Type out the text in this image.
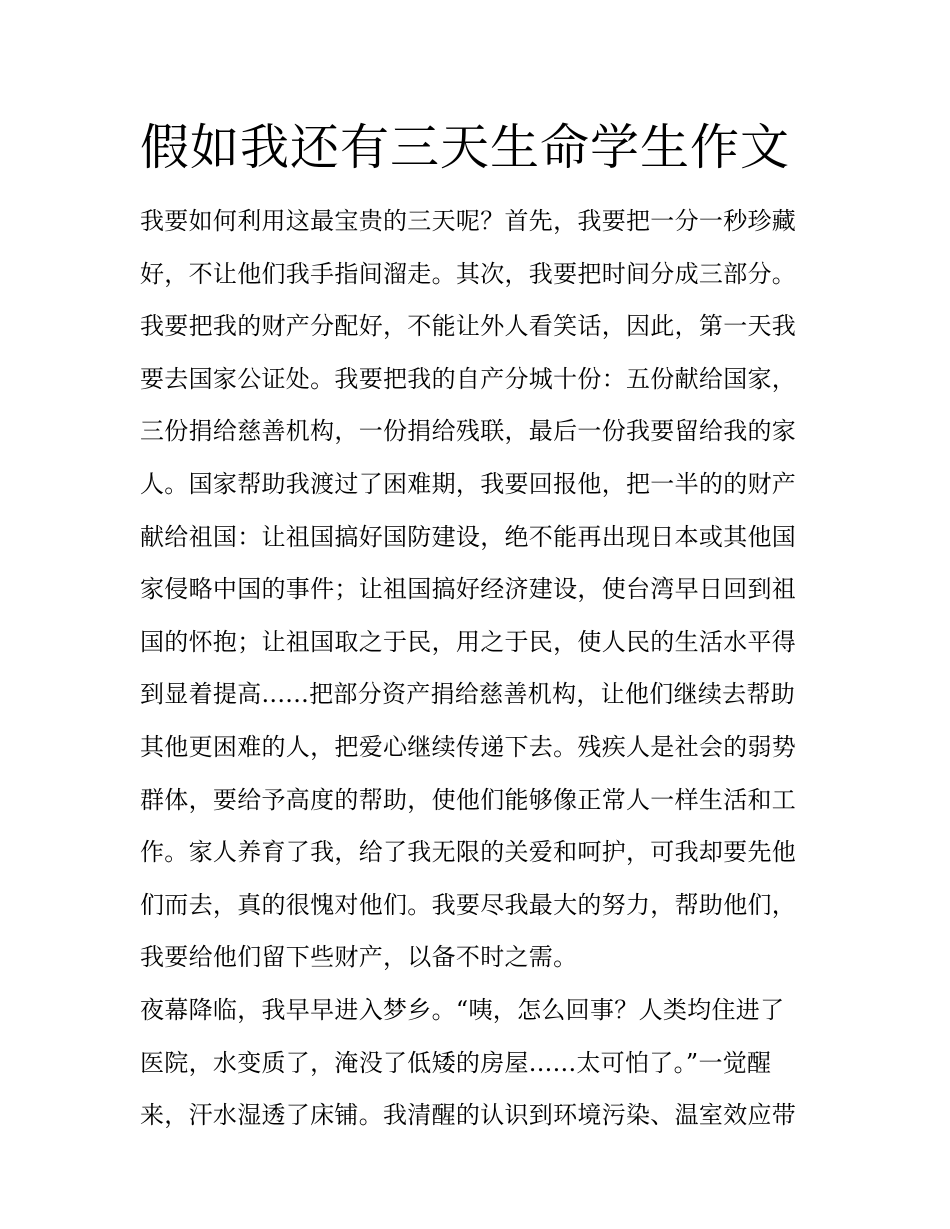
假如我还有三天生命学生作文
我要如何利用这最宝贵的三天呢？首先，我要把一分一秒珍藏
好，不让他们我手指间溜走。其次，我要把时间分成三部分。
我要把我的财产分配好，不能让外人看笑话，因此，第一天我
要去国家公证处。我要把我的自产分城十份：五份献给国家，
三份捐给慈善机构，一份捐给残联，最后一份我要留给我的家
人。国家帮助我渡过了困难期，我要回报他，把一半的的财产
献给祖国：让祖国搞好国防建设，绝不能再出现日本或其他国
家侵略中国的事件；让祖国搞好经济建设，使台湾早日回到祖
国的怀抱；让祖国取之于民，用之于民，使人民的生活水平得
到显着提高......把部分资产捐给慈善机构，让他们继续去帮助
其他更困难的人，把爱心继续传递下去。残疾人是社会的弱势
群体，要给予高度的帮助，使他们能够像正常人一样生活和工
作。家人养育了我，给了我无限的关爱和呵护，可我却要先他
们而去，真的很愧对他们。我要尽我最大的努力，帮助他们，
我要给他们留下些财产，以备不时之需。
夜幕降临，我早早进入梦乡。“咦，怎么回事？人类均住进了
医院，水变质了，淹没了低矮的房屋......太可怕了。”一觉醒
来，汗水湿透了床铺。我清醒的认识到环境污染、温室效应带
